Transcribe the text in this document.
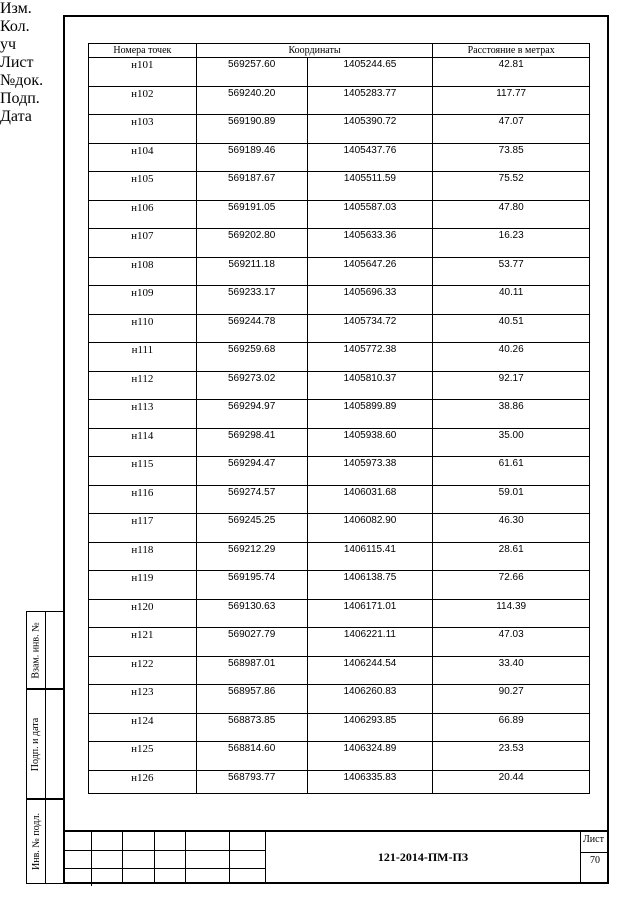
Взам. инв. №
Подп. и дата
Инв. № подл.
Номера точек	Координаты		Расстояние в метрах
н101	569257.60	1405244.65	42.81
н102	569240.20	1405283.77	117.77
н103	569190.89	1405390.72	47.07
н104	569189.46	1405437.76	73.85
н105	569187.67	1405511.59	75.52
н106	569191.05	1405587.03	47.80
н107	569202.80	1405633.36	16.23
н108	569211.18	1405647.26	53.77
н109	569233.17	1405696.33	40.11
н110	569244.78	1405734.72	40.51
н111	569259.68	1405772.38	40.26
н112	569273.02	1405810.37	92.17
н113	569294.97	1405899.89	38.86
н114	569298.41	1405938.60	35.00
н115	569294.47	1405973.38	61.61
н116	569274.57	1406031.68	59.01
н117	569245.25	1406082.90	46.30
н118	569212.29	1406115.41	28.61
н119	569195.74	1406138.75	72.66
н120	569130.63	1406171.01	114.39
н121	569027.79	1406221.11	47.03
н122	568987.01	1406244.54	33.40
н123	568957.86	1406260.83	90.27
н124	568873.85	1406293.85	66.89
н125	568814.60	1406324.89	23.53
н126	568793.77	1406335.83	20.44
Изм.
Кол. уч
Лист
№док.
Подп.
Дата
121-2014-ПМ-ПЗ
Лист
70
